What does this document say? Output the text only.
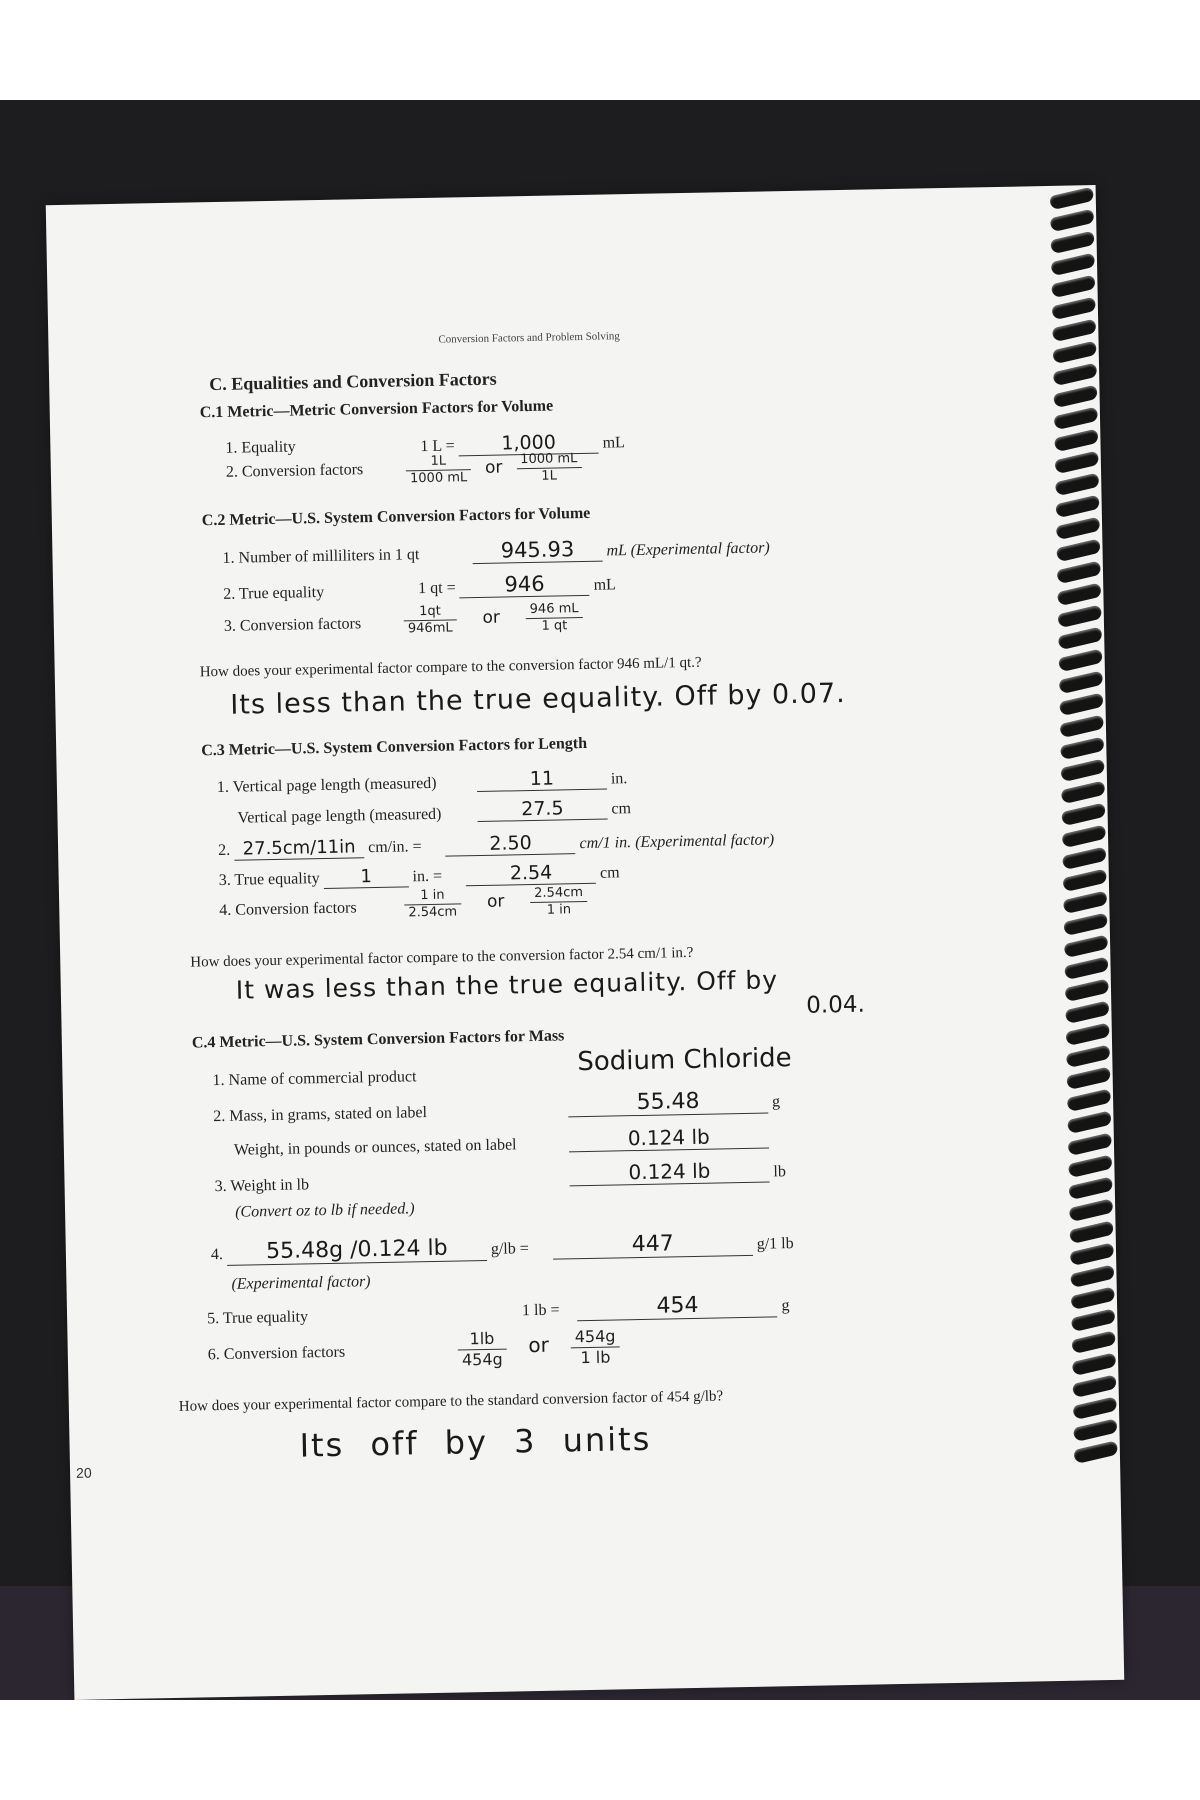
Conversion Factors and Problem Solving
C. Equalities and Conversion Factors
C.1 Metric—Metric Conversion Factors for Volume
1. Equality	1 L = 1,000	mL
2. Conversion factors	$\frac{1L}{1000 mL}$ or $\frac{1000 mL}{1L}$
C.2 Metric—U.S. System Conversion Factors for Volume
1. Number of milliliters in 1 qt	945.93 mL (Experimental factor)
2. True equality	1 qt = 946	mL
3. Conversion factors	$\frac{1qt}{946mL}$ or $\frac{946 mL}{1 qt}$
How does your experimental factor compare to the conversion factor 946 mL/1 qt.?
Its less than the true equality. Off by 0.07.
C.3 Metric—U.S. System Conversion Factors for Length
1. Vertical page length (measured)	11	in.
Vertical page length (measured)	27.5	cm
2. 27.5cm/11in cm/in. =	2.50	cm/1 in. (Experimental factor)
3. True equality 1	in. =	2.54	cm
4. Conversion factors	$\frac{1 in}{2.54cm}$ or $\frac{2.54cm}{1 in}$
How does your experimental factor compare to the conversion factor 2.54 cm/1 in.?
It was less than the true equality. Off by
0.04.
C.4 Metric—U.S. System Conversion Factors for Mass
1. Name of commercial product
Sodium Chloride
2. Mass, in grams, stated on label	55.48	g
Weight, in pounds or ounces, stated on label	0.124 lb
3. Weight in lb
0.124 lb	lb
(Convert oz to lb if needed.)
4. 55.48g /0.124 lb	g/lb =	447	g/1 lb
(Experimental factor)
5. True equality	1 lb =	454	g
6. Conversion factors	$\frac{1lb}{454g}$ or $\frac{454g}{1 lb}$
How does your experimental factor compare to the standard conversion factor of 454 g/lb?
Its off by 3 units
20
